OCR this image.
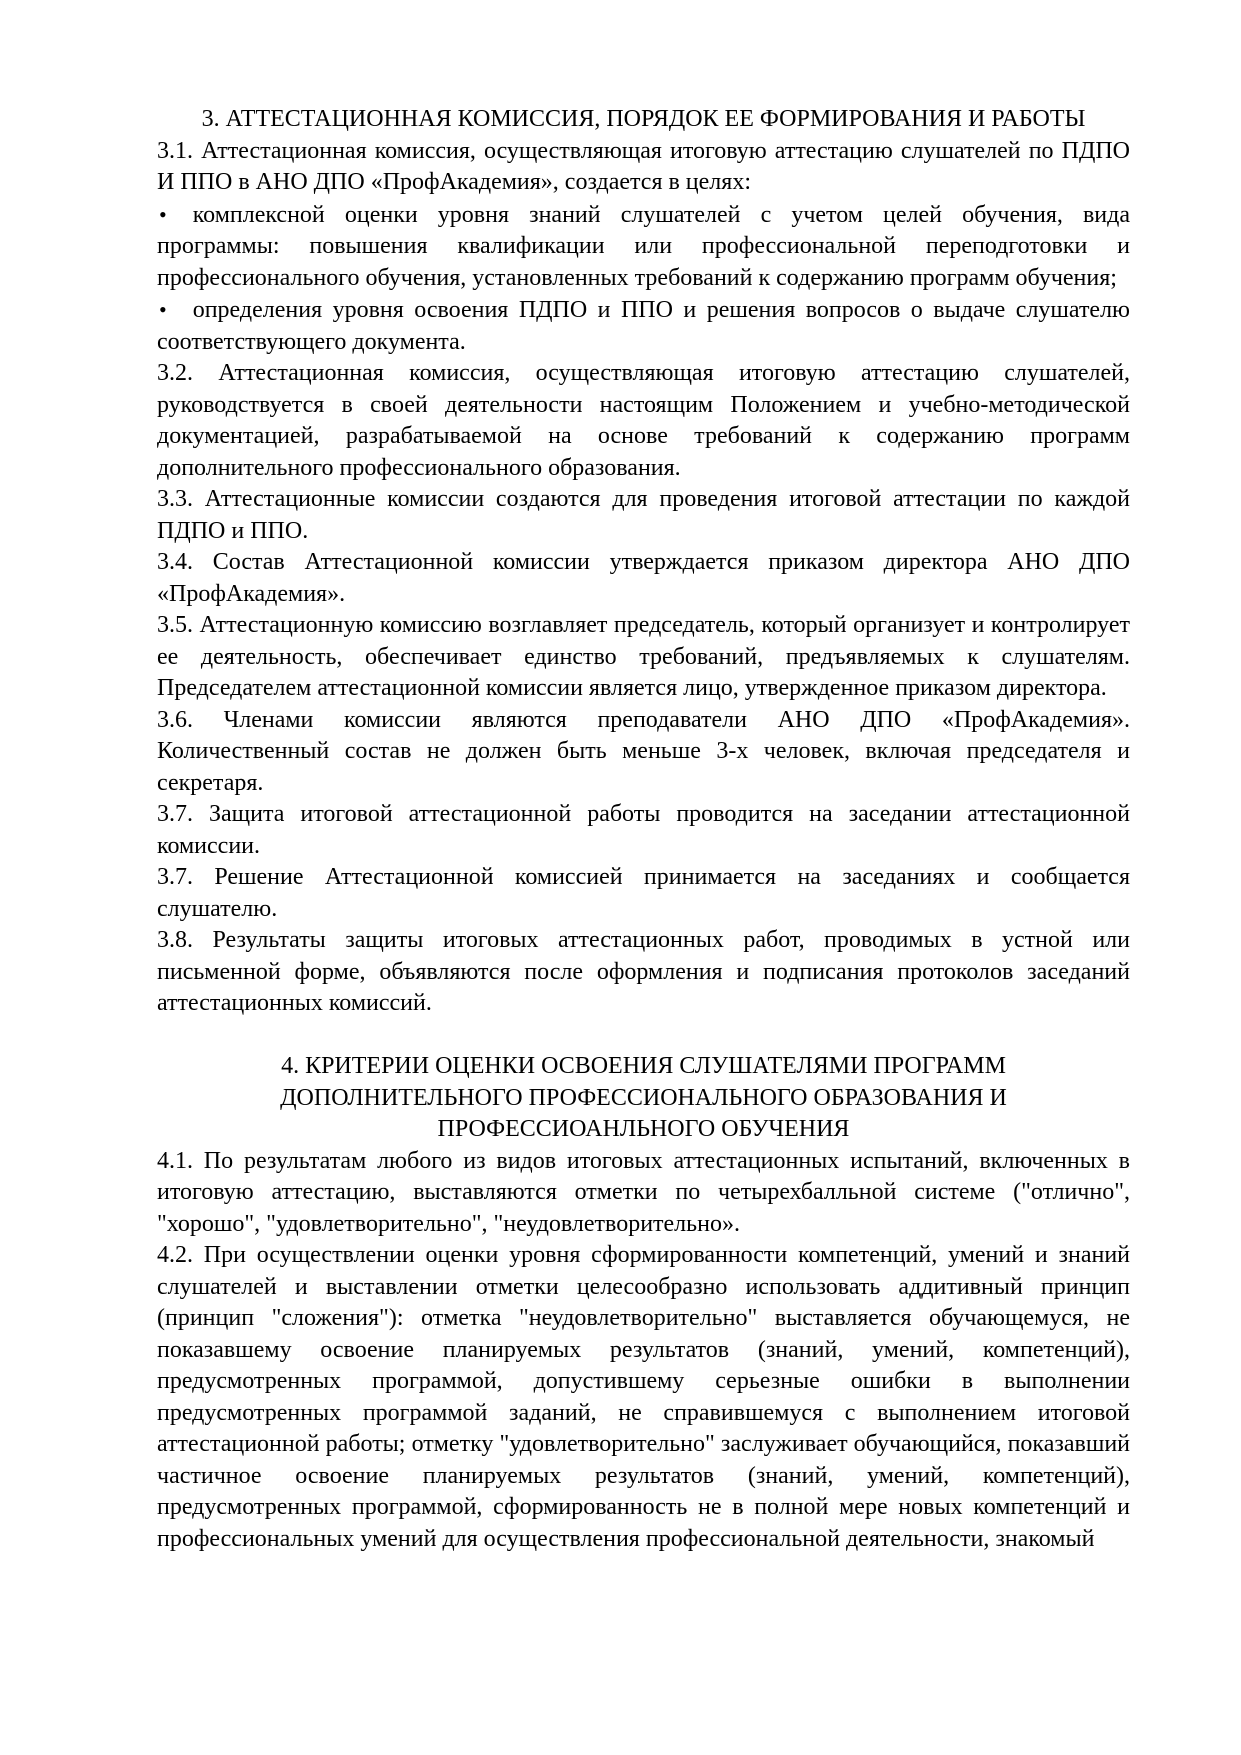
3. АТТЕСТАЦИОННАЯ КОМИССИЯ, ПОРЯДОК ЕЕ ФОРМИРОВАНИЯ И РАБОТЫ

3.1. Аттестационная комиссия, осуществляющая итоговую аттестацию слушателей по ПДПО И ППО в АНО ДПО «ПрофАкадемия», создается в целях:

• комплексной оценки уровня знаний слушателей с учетом целей обучения, вида программы: повышения квалификации или профессиональной переподготовки и профессионального обучения, установленных требований к содержанию программ обучения;

• определения уровня освоения ПДПО и ППО и решения вопросов о выдаче слушателю соответствующего документа.

3.2. Аттестационная комиссия, осуществляющая итоговую аттестацию слушателей, руководствуется в своей деятельности настоящим Положением и учебно-методической документацией, разрабатываемой на основе требований к содержанию программ дополнительного профессионального образования.

3.3. Аттестационные комиссии создаются для проведения итоговой аттестации по каждой ПДПО и ППО.

3.4. Состав Аттестационной комиссии утверждается приказом директора АНО ДПО «ПрофАкадемия».

3.5. Аттестационную комиссию возглавляет председатель, который организует и контролирует ее деятельность, обеспечивает единство требований, предъявляемых к слушателям. Председателем аттестационной комиссии является лицо, утвержденное приказом директора.

3.6. Членами комиссии являются преподаватели АНО ДПО «ПрофАкадемия». Количественный состав не должен быть меньше 3-х человек, включая председателя и секретаря.

3.7. Защита итоговой аттестационной работы проводится на заседании аттестационной комиссии.

3.7. Решение Аттестационной комиссией принимается на заседаниях и сообщается слушателю.

3.8. Результаты защиты итоговых аттестационных работ, проводимых в устной или письменной форме, объявляются после оформления и подписания протоколов заседаний аттестационных комиссий.

4. КРИТЕРИИ ОЦЕНКИ ОСВОЕНИЯ СЛУШАТЕЛЯМИ ПРОГРАММ
ДОПОЛНИТЕЛЬНОГО ПРОФЕССИОНАЛЬНОГО ОБРАЗОВАНИЯ И
ПРОФЕССИОАНЛЬНОГО ОБУЧЕНИЯ

4.1. По результатам любого из видов итоговых аттестационных испытаний, включенных в итоговую аттестацию, выставляются отметки по четырехбалльной системе ("отлично", "хорошо", "удовлетворительно", "неудовлетворительно».

4.2. При осуществлении оценки уровня сформированности компетенций, умений и знаний слушателей и выставлении отметки целесообразно использовать аддитивный принцип (принцип "сложения"): отметка "неудовлетворительно" выставляется обучающемуся, не показавшему освоение планируемых результатов (знаний, умений, компетенций), предусмотренных программой, допустившему серьезные ошибки в выполнении предусмотренных программой заданий, не справившемуся с выполнением итоговой аттестационной работы; отметку "удовлетворительно" заслуживает обучающийся, показавший частичное освоение планируемых результатов (знаний, умений, компетенций), предусмотренных программой, сформированность не в полной мере новых компетенций и профессиональных умений для осуществления профессиональной деятельности, знакомый
